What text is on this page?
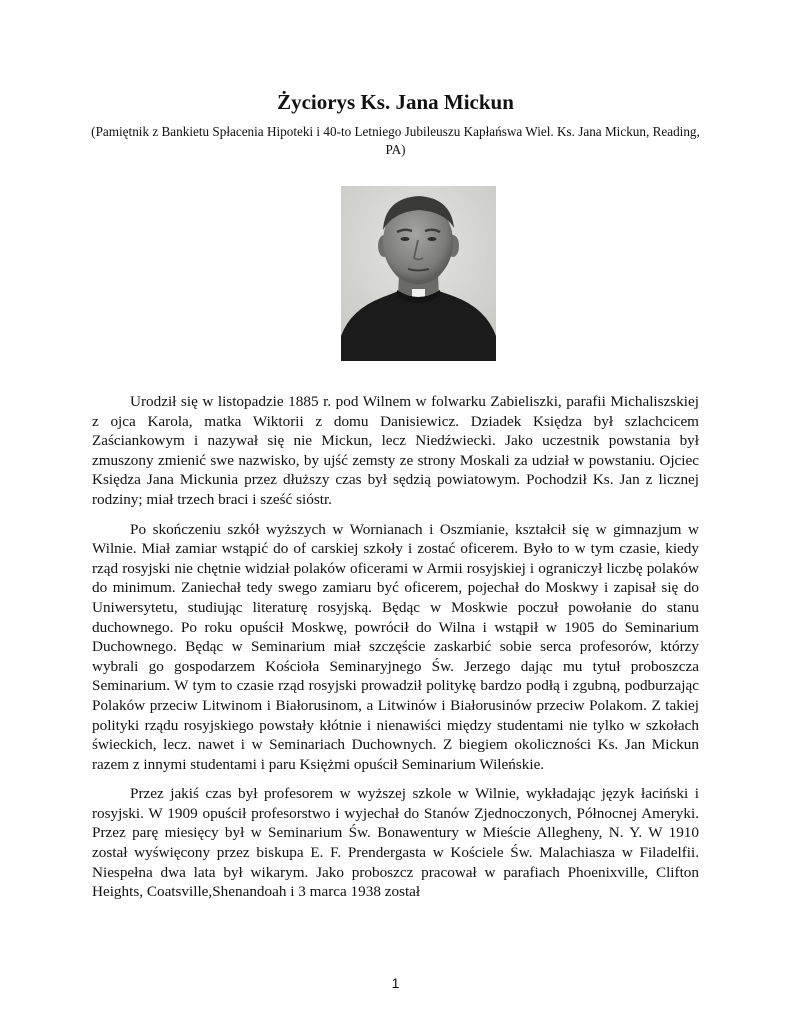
Życiorys Ks. Jana Mickun
(Pamiętnik z Bankietu Spłacenia Hipoteki i 40-to Letniego Jubileuszu Kapłańswa Wiel. Ks. Jana Mickun, Reading, PA)

Urodził się w listopadzie 1885 r. pod Wilnem w folwarku Zabieliszki, parafii Michaliszskiej z ojca Karola, matka Wiktorii z domu Danisiewicz. Dziadek Księdza był szlachcicem Zaściankowym i nazywał się nie Mickun, lecz Niedźwiecki. Jako uczestnik powstania był zmuszony zmienić swe nazwisko, by ujść zemsty ze strony Moskali za udział w powstaniu. Ojciec Księdza Jana Mickunia przez dłuższy czas był sędzią powiatowym. Pochodził Ks. Jan z licznej rodziny; miał trzech braci i sześć sióstr.

Po skończeniu szkół wyższych w Wornianach i Oszmianie, kształcił się w gimnazjum w Wilnie. Miał zamiar wstąpić do of carskiej szkoły i zostać oficerem. Było to w tym czasie, kiedy rząd rosyjski nie chętnie widział polaków oficerami w Armii rosyjskiej i ograniczył liczbę polaków do minimum. Zaniechał tedy swego zamiaru być oficerem, pojechał do Moskwy i zapisał się do Uniwersytetu, studiując literaturę rosyjską. Będąc w Moskwie poczuł powołanie do stanu duchownego. Po roku opuścił Moskwę, powrócił do Wilna i wstąpił w 1905 do Seminarium Duchownego. Będąc w Seminarium miał szczęście zaskarbić sobie serca profesorów, którzy wybrali go gospodarzem Kościoła Seminaryjnego Św. Jerzego dając mu tytuł proboszcza Seminarium. W tym to czasie rząd rosyjski prowadził politykę bardzo podłą i zgubną, podburzając Polaków przeciw Litwinom i Białorusinom, a Litwinów i Białorusinów przeciw Polakom. Z takiej polityki rządu rosyjskiego powstały kłótnie i nienawiści między studentami nie tylko w szkołach świeckich, lecz. nawet i w Seminariach Duchownych. Z biegiem okoliczności Ks. Jan Mickun razem z innymi studentami i paru Księżmi opuścił Seminarium Wileńskie.

Przez jakiś czas był profesorem w wyższej szkole w Wilnie, wykładając język łaciński i rosyjski. W 1909 opuścił profesorstwo i wyjechał do Stanów Zjednoczonych, Północnej Ameryki. Przez parę miesięcy był w Seminarium Św. Bonawentury w Mieście Allegheny, N. Y. W 1910 został wyświęcony przez biskupa E. F. Prendergasta w Kościele Św. Malachiasza w Filadelfii. Niespełna dwa lata był wikarym. Jako proboszcz pracował w parafiach Phoenixville, Clifton Heights, Coatsville,Shenandoah i 3 marca 1938 został

1
